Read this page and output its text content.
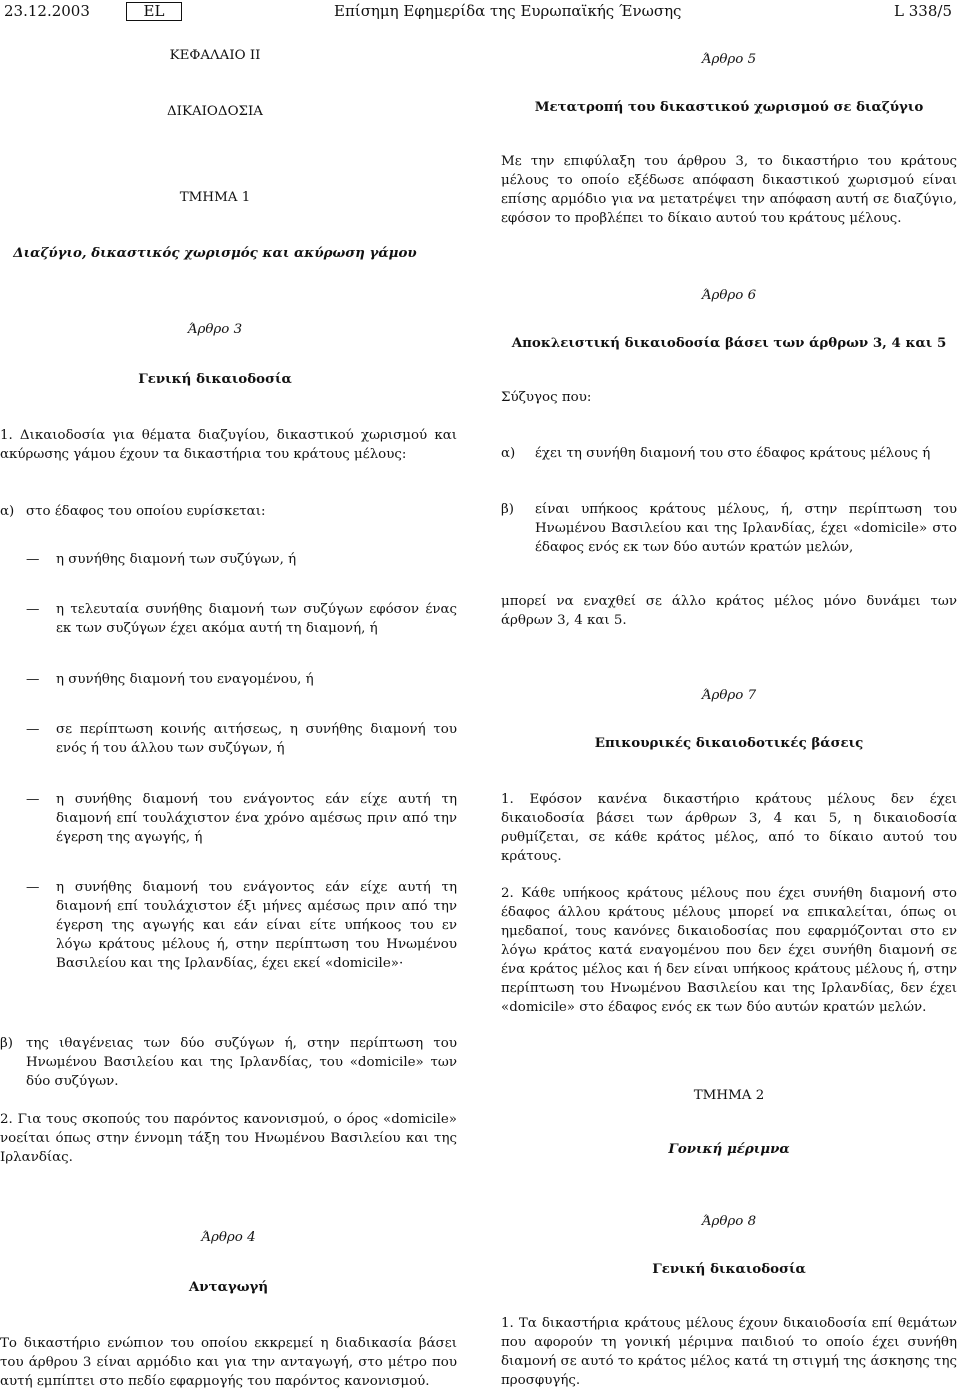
23.12.2003	EL	Επίσημη Εφημερίδα της Ευρωπαϊκής Ένωσης	L 338/5
ΚΕΦΑΛΑΙΟ II
ΔΙΚΑΙΟΔΟΣΙΑ
ΤΜΗΜΑ 1
Διαζύγιο, δικαστικός χωρισμός και ακύρωση γάμου
Άρθρο 3
Γενική δικαιοδοσία
1. Δικαιοδοσία για θέματα διαζυγίου, δικαστικού χωρισμού και ακύρωσης γάμου έχουν τα δικαστήρια του κράτους μέλους:
α) στο έδαφος του οποίου ευρίσκεται:
— η συνήθης διαμονή των συζύγων, ή
— η τελευταία συνήθης διαμονή των συζύγων εφόσον ένας εκ των συζύγων έχει ακόμα αυτή τη διαμονή, ή
— η συνήθης διαμονή του εναγομένου, ή
— σε περίπτωση κοινής αιτήσεως, η συνήθης διαμονή του ενός ή του άλλου των συζύγων, ή
— η συνήθης διαμονή του ενάγοντος εάν είχε αυτή τη διαμονή επί τουλάχιστον ένα χρόνο αμέσως πριν από την έγερση της αγωγής, ή
— η συνήθης διαμονή του ενάγοντος εάν είχε αυτή τη διαμονή επί τουλάχιστον έξι μήνες αμέσως πριν από την έγερση της αγωγής και εάν είναι είτε υπήκοος του εν λόγω κράτους μέλους ή, στην περίπτωση του Ηνωμένου Βασιλείου και της Ιρλανδίας, έχει εκεί «domicile»·
β) της ιθαγένειας των δύο συζύγων ή, στην περίπτωση του Ηνωμένου Βασιλείου και της Ιρλανδίας, του «domicile» των δύο συζύγων.
2. Για τους σκοπούς του παρόντος κανονισμού, ο όρος «domicile» νοείται όπως στην έννομη τάξη του Ηνωμένου Βασιλείου και της Ιρλανδίας.
Άρθρο 4
Ανταγωγή
Το δικαστήριο ενώπιον του οποίου εκκρεμεί η διαδικασία βάσει του άρθρου 3 είναι αρμόδιο και για την ανταγωγή, στο μέτρο που αυτή εμπίπτει στο πεδίο εφαρμογής του παρόντος κανονισμού.
Άρθρο 5
Μετατροπή του δικαστικού χωρισμού σε διαζύγιο
Με την επιφύλαξη του άρθρου 3, το δικαστήριο του κράτους μέλους το οποίο εξέδωσε απόφαση δικαστικού χωρισμού είναι επίσης αρμόδιο για να μετατρέψει την απόφαση αυτή σε διαζύγιο, εφόσον το προβλέπει το δίκαιο αυτού του κράτους μέλους.
Άρθρο 6
Αποκλειστική δικαιοδοσία βάσει των άρθρων 3, 4 και 5
Σύζυγος που:
α) έχει τη συνήθη διαμονή του στο έδαφος κράτους μέλους ή
β) είναι υπήκοος κράτους μέλους, ή, στην περίπτωση του Ηνωμένου Βασιλείου και της Ιρλανδίας, έχει «domicile» στο έδαφος ενός εκ των δύο αυτών κρατών μελών,
μπορεί να εναχθεί σε άλλο κράτος μέλος μόνο δυνάμει των άρθρων 3, 4 και 5.
Άρθρο 7
Επικουρικές δικαιοδοτικές βάσεις
1. Εφόσον κανένα δικαστήριο κράτους μέλους δεν έχει δικαιοδοσία βάσει των άρθρων 3, 4 και 5, η δικαιοδοσία ρυθμίζεται, σε κάθε κράτος μέλος, από το δίκαιο αυτού του κράτους.
2. Κάθε υπήκοος κράτους μέλους που έχει συνήθη διαμονή στο έδαφος άλλου κράτους μέλους μπορεί να επικαλείται, όπως οι ημεδαποί, τους κανόνες δικαιοδοσίας που εφαρμόζονται στο εν λόγω κράτος κατά εναγομένου που δεν έχει συνήθη διαμονή σε ένα κράτος μέλος και ή δεν είναι υπήκοος κράτους μέλους ή, στην περίπτωση του Ηνωμένου Βασιλείου και της Ιρλανδίας, δεν έχει «domicile» στο έδαφος ενός εκ των δύο αυτών κρατών μελών.
ΤΜΗΜΑ 2
Γονική μέριμνα
Άρθρο 8
Γενική δικαιοδοσία
1. Τα δικαστήρια κράτους μέλους έχουν δικαιοδοσία επί θεμάτων που αφορούν τη γονική μέριμνα παιδιού το οποίο έχει συνήθη διαμονή σε αυτό το κράτος μέλος κατά τη στιγμή της άσκησης της προσφυγής.
